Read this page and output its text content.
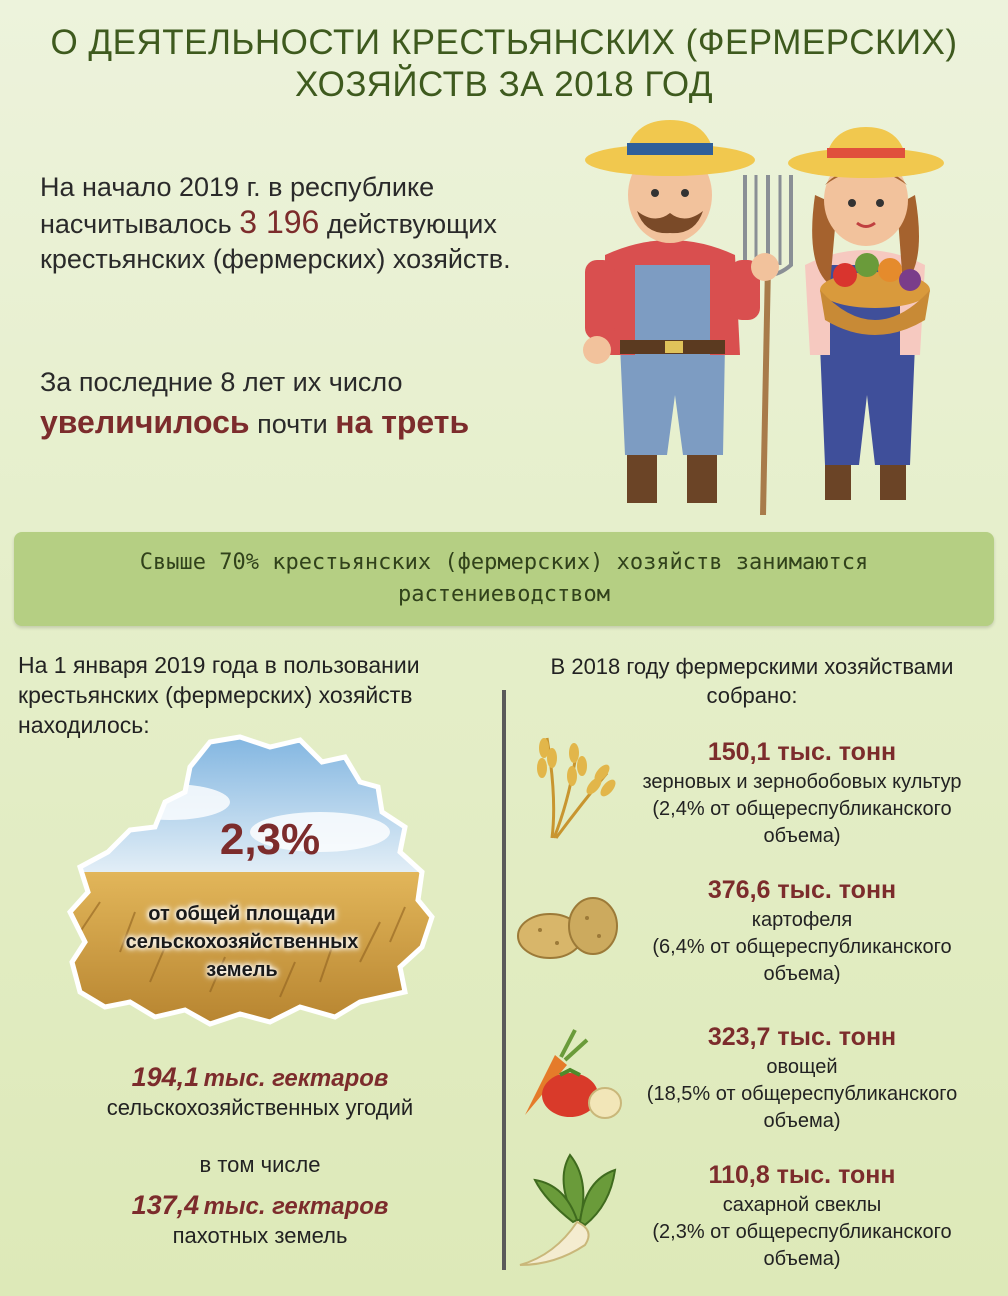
О ДЕЯТЕЛЬНОСТИ КРЕСТЬЯНСКИХ (ФЕРМЕРСКИХ)
ХОЗЯЙСТВ ЗА 2018 ГОД
На начало 2019 г. в республике насчитывалось 3 196 действующих крестьянских (фермерских) хозяйств.
За последние 8 лет их число
увеличилось почти на треть
Свыше 70% крестьянских (фермерских) хозяйств занимаются растениеводством
На 1 января 2019 года в пользовании крестьянских (фермерских) хозяйств находилось:
2,3%
от общей площади сельскохозяйственных земель
194,1 тыс. гектаров
сельскохозяйственных угодий
в том числе
137,4 тыс. гектаров
пахотных земель
В 2018 году фермерскими хозяйствами собрано:
150,1 тыс. тонн
зерновых и зернобобовых культур
(2,4% от общереспубликанского объема)
376,6 тыс. тонн
картофеля
(6,4% от общереспубликанского объема)
323,7 тыс. тонн
овощей
(18,5% от общереспубликанского объема)
110,8 тыс. тонн
сахарной свеклы
(2,3% от общереспубликанского объема)
